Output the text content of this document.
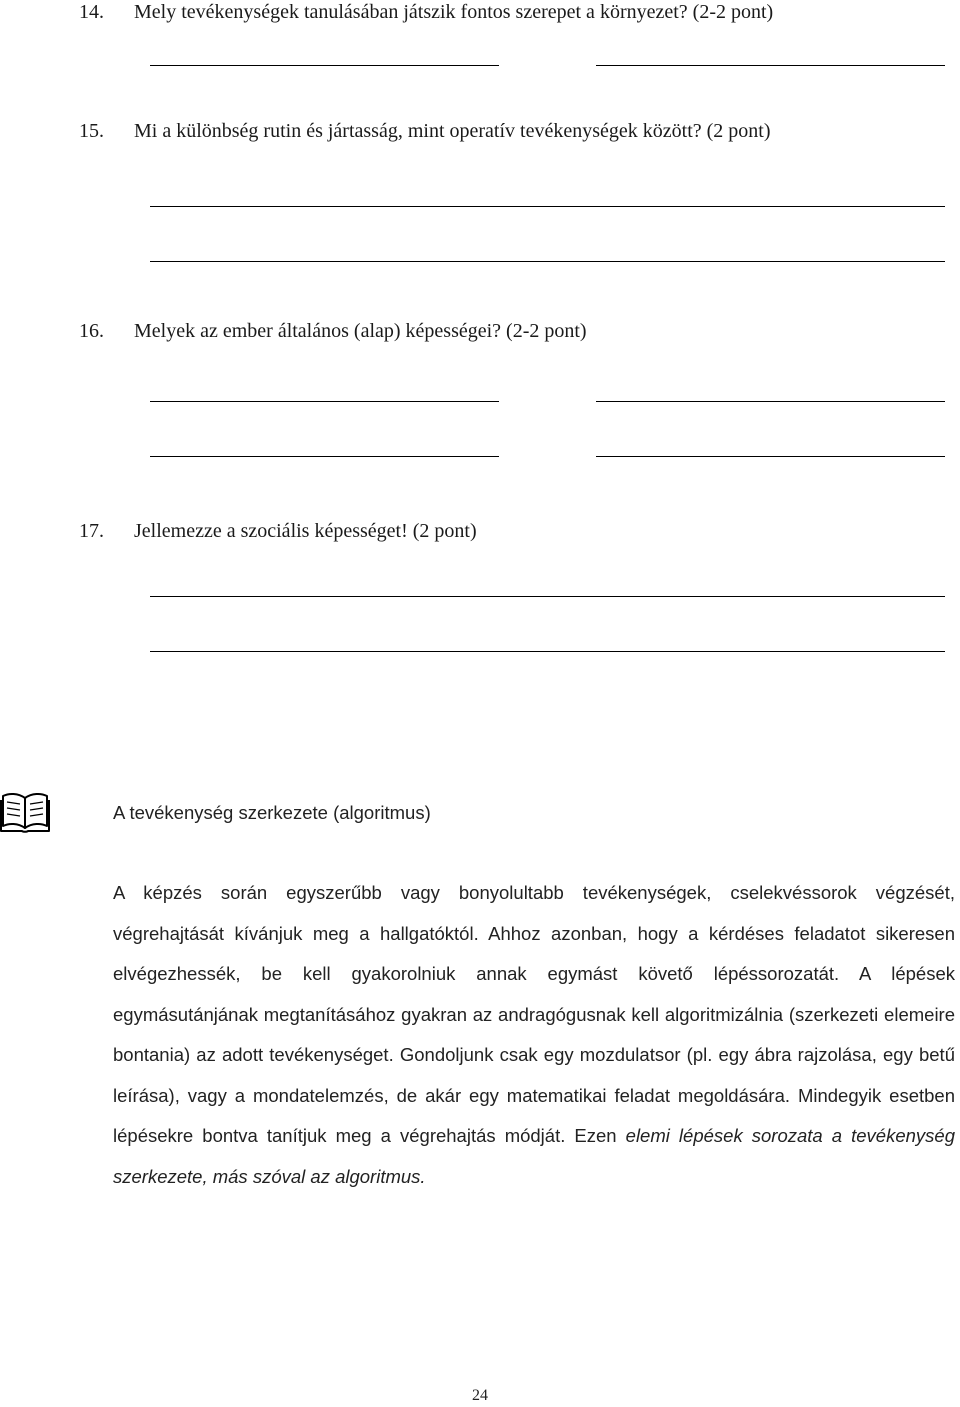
14. Mely tevékenységek tanulásában játszik fontos szerepet a környezet? (2-2 pont)
15. Mi a különbség rutin és jártasság, mint operatív tevékenységek között? (2 pont)
16. Melyek az ember általános (alap) képességei? (2-2 pont)
17. Jellemezze a szociális képességet! (2 pont)
A tevékenység szerkezete (algoritmus)
A képzés során egyszerűbb vagy bonyolultabb tevékenységek, cselekvéssorok végzését, végrehajtását kívánjuk meg a hallgatóktól. Ahhoz azonban, hogy a kérdéses feladatot sikeresen elvégezhessék, be kell gyakorolniuk annak egymást követő lépéssorozatát. A lépések egymásutánjának megtanításához gyakran az andragógusnak kell algoritmizálnia (szerkezeti elemeire bontania) az adott tevékenységet. Gondoljunk csak egy mozdulatsor (pl. egy ábra rajzolása, egy betű leírása), vagy a mondatelemzés, de akár egy matematikai feladat megoldására. Mindegyik esetben lépésekre bontva tanítjuk meg a végrehajtás módját. Ezen elemi lépések sorozata a tevékenység szerkezete, más szóval az algoritmus.
24
